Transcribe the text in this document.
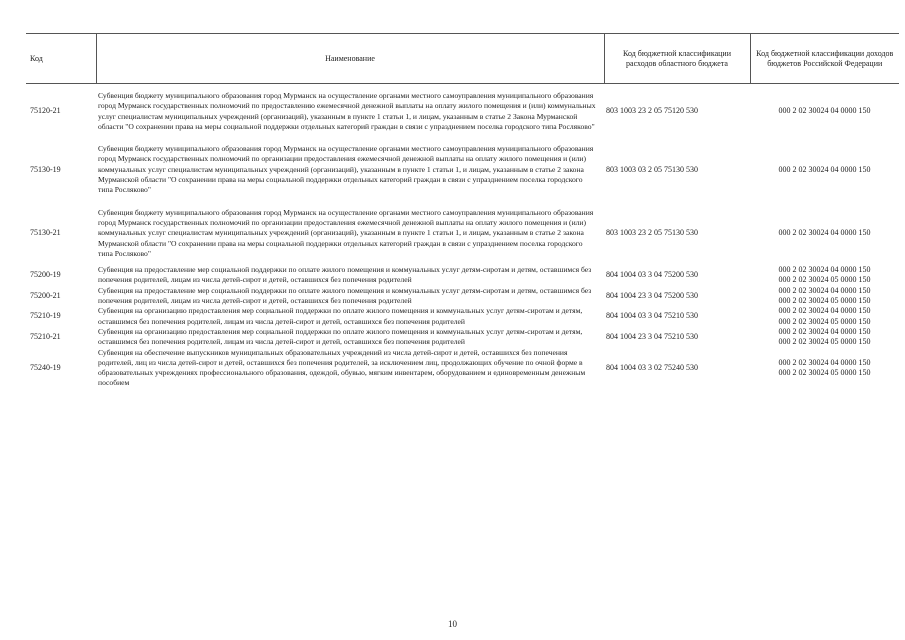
Код	Наименование	Код бюджетной классификации расходов областного бюджета	Код бюджетной классификации доходов бюджетов Российской Федерации
75120-21	Субвенция бюджету муниципального образования город Мурманск на осуществление органами местного самоуправления муниципального образования город Мурманск государственных полномочий по предоставлению ежемесячной денежной выплаты на оплату жилого помещения и (или) коммунальных услуг специалистам муниципальных учреждений (организаций), указанным в пункте 1 статьи 1, и лицам, указанным в статье 2 Закона Мурманской области "О сохранении права на меры социальной поддержки отдельных категорий граждан в связи с упразднением поселка городского типа Росляково"	803 1003 23 2 05 75120 530	000 2 02 30024 04 0000 150

75130-19	Субвенция бюджету муниципального образования город Мурманск на осуществление органами местного самоуправления муниципального образования город Мурманск государственных полномочий по организации предоставления ежемесячной денежной выплаты на оплату жилого помещения и (или) коммунальных услуг специалистам муниципальных учреждений (организаций), указанным в пункте 1 статьи 1, и лицам, указанным в статье 2 закона Мурманской области "О сохранении права на меры социальной поддержки отдельных категорий граждан в связи с упразднением поселка городского типа Росляково"	803 1003 03 2 05 75130 530	000 2 02 30024 04 0000 150

75130-21	Субвенция бюджету муниципального образования город Мурманск на осуществление органами местного самоуправления муниципального образования город Мурманск государственных полномочий по организации предоставления ежемесячной денежной выплаты на оплату жилого помещения и (или) коммунальных услуг специалистам муниципальных учреждений (организаций), указанным в пункте 1 статьи 1, и лицам, указанным в статье 2 закона Мурманской области "О сохранении права на меры социальной поддержки отдельных категорий граждан в связи с упразднением поселка городского типа Росляково"	803 1003 23 2 05 75130 530	000 2 02 30024 04 0000 150

75200-19	Субвенция на предоставление мер социальной поддержки по оплате жилого помещения и коммунальных услуг детям-сиротам и детям, оставшимся без попечения родителей, лицам из числа детей-сирот и детей, оставшихся без попечения родителей	804 1004 03 3 04 75200 530	000 2 02 30024 04 0000 150
000 2 02 30024 05 0000 150

75200-21	Субвенция на предоставление мер социальной поддержки по оплате жилого помещения и коммунальных услуг детям-сиротам и детям, оставшимся без попечения родителей, лицам из числа детей-сирот и детей, оставшихся без попечения родителей	804 1004 23 3 04 75200 530	000 2 02 30024 04 0000 150
000 2 02 30024 05 0000 150

75210-19	Субвенция на организацию предоставления мер социальной поддержки по оплате жилого помещения и коммунальных услуг детям-сиротам и детям, оставшимся без попечения родителей, лицам из числа детей-сирот и детей, оставшихся без попечения родителей	804 1004 03 3 04 75210 530	000 2 02 30024 04 0000 150
000 2 02 30024 05 0000 150

75210-21	Субвенция на организацию предоставления мер социальной поддержки по оплате жилого помещения и коммунальных услуг детям-сиротам и детям, оставшимся без попечения родителей, лицам из числа детей-сирот и детей, оставшихся без попечения родителей	804 1004 23 3 04 75210 530	000 2 02 30024 04 0000 150
000 2 02 30024 05 0000 150

75240-19	Субвенция на обеспечение выпускников муниципальных образовательных учреждений из числа детей-сирот и детей, оставшихся без попечения родителей, лиц из числа детей-сирот и детей, оставшихся без попечения родителей, за исключением лиц, продолжающих обучение по очной форме в образовательных учреждениях профессионального образования, одеждой, обувью, мягким инвентарем, оборудованием и единовременным денежным пособием	804 1004 03 3 02 75240 530	000 2 02 30024 04 0000 150
000 2 02 30024 05 0000 150
10
